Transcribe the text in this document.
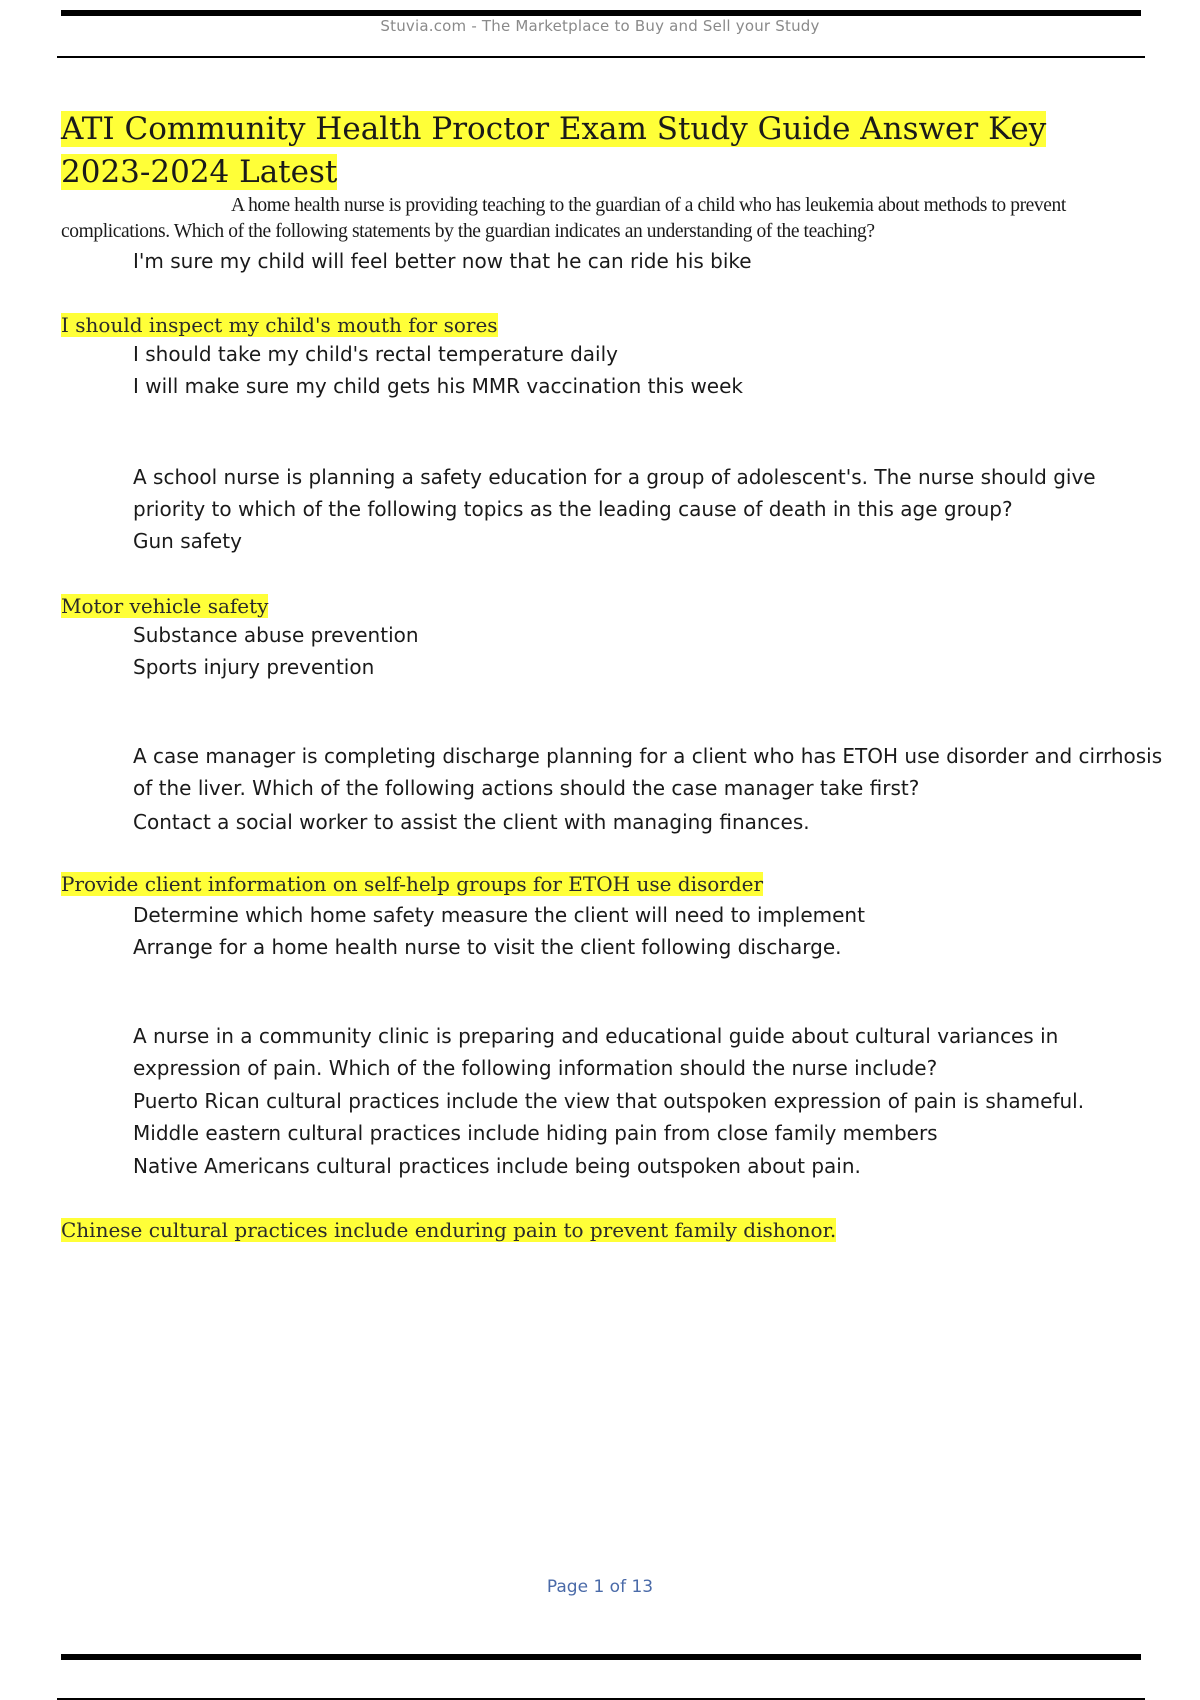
Stuvia.com - The Marketplace to Buy and Sell your Study
ATI Community Health Proctor Exam Study Guide Answer Key 2023-2024 Latest

A home health nurse is providing teaching to the guardian of a child who has leukemia about methods to prevent complications. Which of the following statements by the guardian indicates an understanding of the teaching?

I'm sure my child will feel better now that he can ride his bike
I should inspect my child's mouth for sores
I should take my child's rectal temperature daily
I will make sure my child gets his MMR vaccination this week
A school nurse is planning a safety education for a group of adolescent's. The nurse should give
priority to which of the following topics as the leading cause of death in this age group?
Gun safety
Motor vehicle safety
Substance abuse prevention
Sports injury prevention
A case manager is completing discharge planning for a client who has ETOH use disorder and cirrhosis
of the liver. Which of the following actions should the case manager take first?
Contact a social worker to assist the client with managing finances.
Provide client information on self-help groups for ETOH use disorder
Determine which home safety measure the client will need to implement
Arrange for a home health nurse to visit the client following discharge.
A nurse in a community clinic is preparing and educational guide about cultural variances in
expression of pain. Which of the following information should the nurse include?
Puerto Rican cultural practices include the view that outspoken expression of pain is shameful.
Middle eastern cultural practices include hiding pain from close family members
Native Americans cultural practices include being outspoken about pain.
Chinese cultural practices include enduring pain to prevent family dishonor.
Page 1 of 13
